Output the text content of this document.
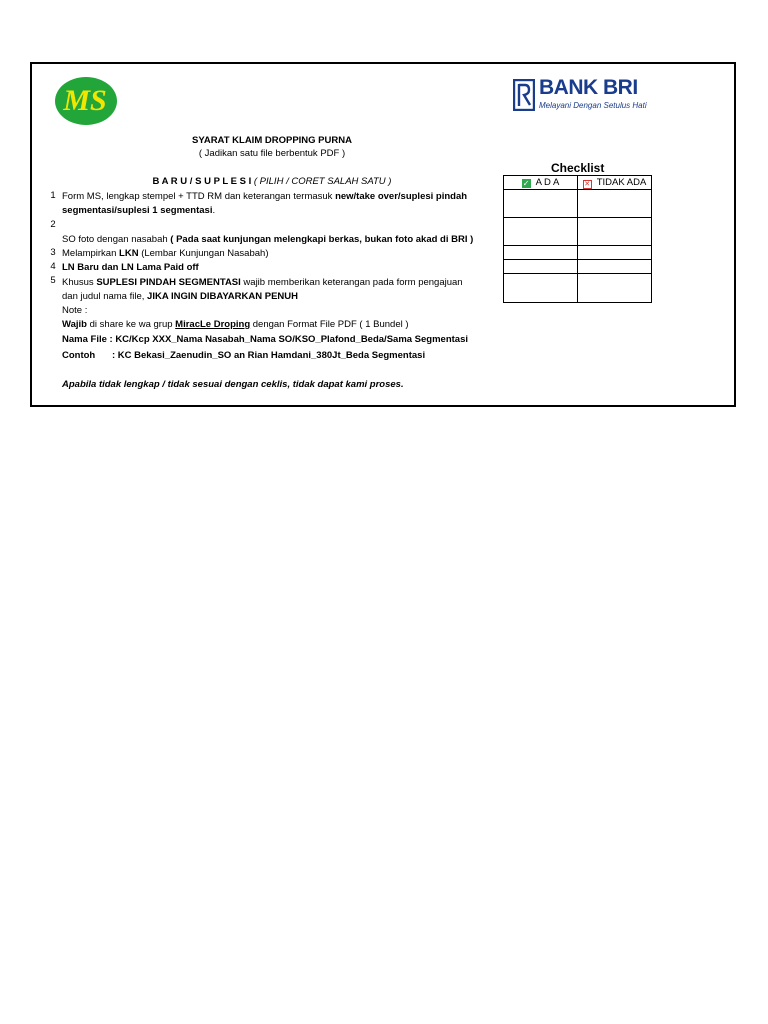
MS	BANK BRI
Melayani Dengan Setulus Hati
SYARAT KLAIM DROPPING PURNA
( Jadikan satu file berbentuk PDF )
B A R U / S U P L E S I ( PILIH / CORET SALAH SATU )
1 Form MS, lengkap stempel + TTD RM dan keterangan termasuk new/take over/suplesi pindah
segmentasi/suplesi 1 segmentasi.
2
SO foto dengan nasabah ( Pada saat kunjungan melengkapi berkas, bukan foto akad di BRI )
3 Melampirkan LKN (Lembar Kunjungan Nasabah)
4 LN Baru dan LN Lama Paid off
5 Khusus SUPLESI PINDAH SEGMENTASI wajib memberikan keterangan pada form pengajuan
dan judul nama file, JIKA INGIN DIBAYARKAN PENUH
Note :
Wajib di share ke wa grup MiracLe Droping dengan Format File PDF ( 1 Bundel )
Nama File : KC/Kcp XXX_Nama Nasabah_Nama SO/KSO_Plafond_Beda/Sama Segmentasi
Contoh : KC Bekasi_Zaenudin_SO an Rian Hamdani_380Jt_Beda Segmentasi
Apabila tidak lengkap / tidak sesuai dengan ceklis, tidak dapat kami proses.
Checklist
✓ A D A	✕ TIDAK ADA
